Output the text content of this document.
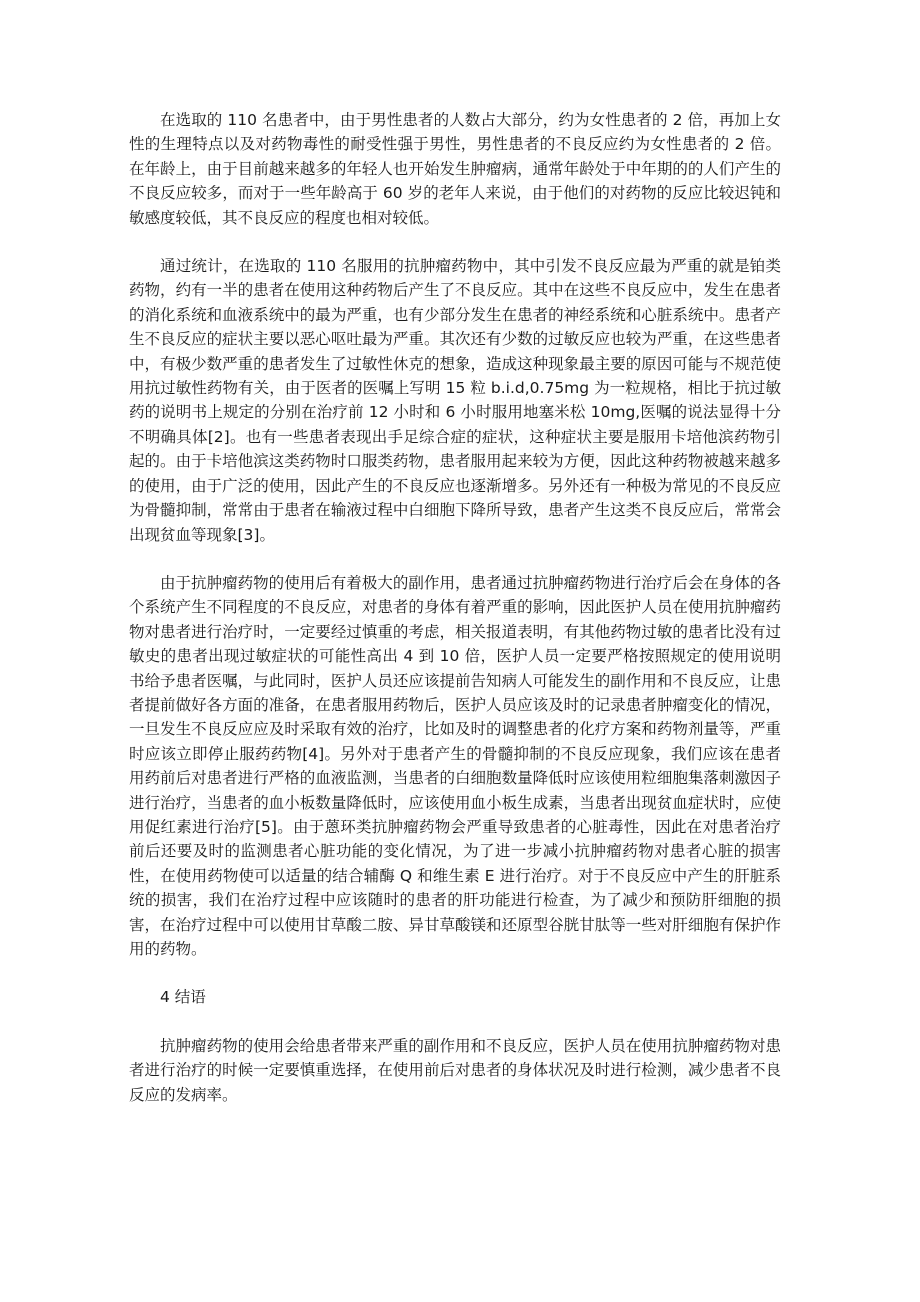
在选取的 110 名患者中，由于男性患者的人数占大部分，约为女性患者的 2 倍，再加上女性的生理特点以及对药物毒性的耐受性强于男性，男性患者的不良反应约为女性患者的 2 倍。在年龄上，由于目前越来越多的年轻人也开始发生肿瘤病，通常年龄处于中年期的的人们产生的不良反应较多，而对于一些年龄高于 60 岁的老年人来说，由于他们的对药物的反应比较迟钝和敏感度较低，其不良反应的程度也相对较低。

通过统计，在选取的 110 名服用的抗肿瘤药物中，其中引发不良反应最为严重的就是铂类药物，约有一半的患者在使用这种药物后产生了不良反应。其中在这些不良反应中，发生在患者的消化系统和血液系统中的最为严重，也有少部分发生在患者的神经系统和心脏系统中。患者产生不良反应的症状主要以恶心呕吐最为严重。其次还有少数的过敏反应也较为严重，在这些患者中，有极少数严重的患者发生了过敏性休克的想象，造成这种现象最主要的原因可能与不规范使用抗过敏性药物有关，由于医者的医嘱上写明 15 粒 b.i.d,0.75mg 为一粒规格，相比于抗过敏药的说明书上规定的分别在治疗前 12 小时和 6 小时服用地塞米松 10mg,医嘱的说法显得十分不明确具体[2]。也有一些患者表现出手足综合症的症状，这种症状主要是服用卡培他滨药物引起的。由于卡培他滨这类药物时口服类药物，患者服用起来较为方便，因此这种药物被越来越多的使用，由于广泛的使用，因此产生的不良反应也逐渐增多。另外还有一种极为常见的不良反应为骨髓抑制，常常由于患者在输液过程中白细胞下降所导致，患者产生这类不良反应后，常常会出现贫血等现象[3]。

由于抗肿瘤药物的使用后有着极大的副作用，患者通过抗肿瘤药物进行治疗后会在身体的各个系统产生不同程度的不良反应，对患者的身体有着严重的影响，因此医护人员在使用抗肿瘤药物对患者进行治疗时，一定要经过慎重的考虑，相关报道表明，有其他药物过敏的患者比没有过敏史的患者出现过敏症状的可能性高出 4 到 10 倍，医护人员一定要严格按照规定的使用说明书给予患者医嘱，与此同时，医护人员还应该提前告知病人可能发生的副作用和不良反应，让患者提前做好各方面的准备，在患者服用药物后，医护人员应该及时的记录患者肿瘤变化的情况，一旦发生不良反应应及时采取有效的治疗，比如及时的调整患者的化疗方案和药物剂量等，严重时应该立即停止服药药物[4]。另外对于患者产生的骨髓抑制的不良反应现象，我们应该在患者用药前后对患者进行严格的血液监测，当患者的白细胞数量降低时应该使用粒细胞集落刺激因子进行治疗，当患者的血小板数量降低时，应该使用血小板生成素，当患者出现贫血症状时，应使用促红素进行治疗[5]。由于蒽环类抗肿瘤药物会严重导致患者的心脏毒性，因此在对患者治疗前后还要及时的监测患者心脏功能的变化情况，为了进一步减小抗肿瘤药物对患者心脏的损害性，在使用药物使可以适量的结合辅酶 Q 和维生素 E 进行治疗。对于不良反应中产生的肝脏系统的损害，我们在治疗过程中应该随时的患者的肝功能进行检查，为了减少和预防肝细胞的损害，在治疗过程中可以使用甘草酸二胺、异甘草酸镁和还原型谷胱甘肽等一些对肝细胞有保护作用的药物。

4 结语

抗肿瘤药物的使用会给患者带来严重的副作用和不良反应，医护人员在使用抗肿瘤药物对患者进行治疗的时候一定要慎重选择，在使用前后对患者的身体状况及时进行检测，减少患者不良反应的发病率。
